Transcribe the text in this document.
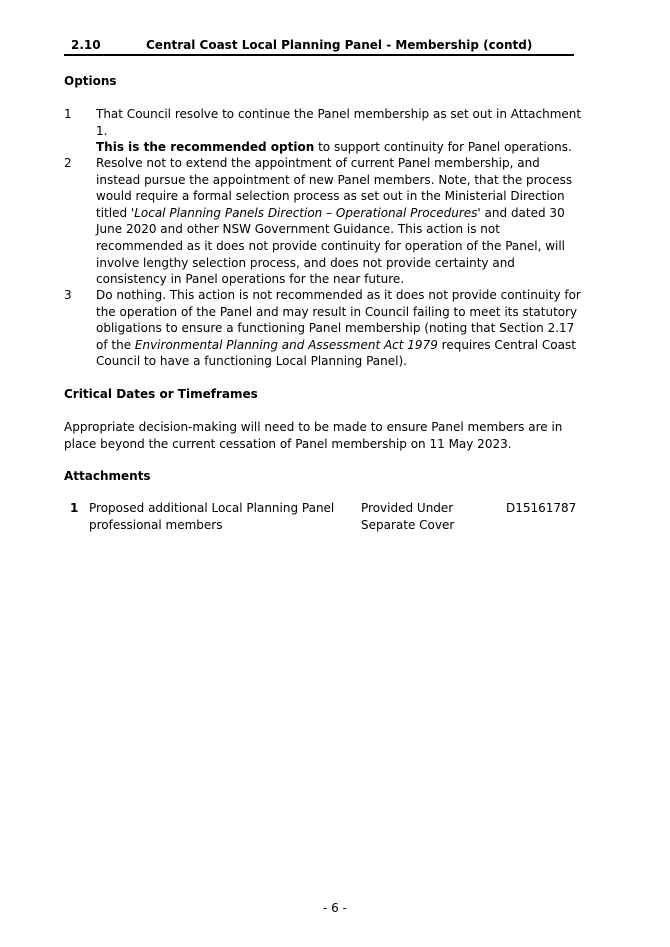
2.10	Central Coast Local Planning Panel - Membership (contd)
Options
1 That Council resolve to continue the Panel membership as set out in Attachment 1.
This is the recommended option to support continuity for Panel operations.
2 Resolve not to extend the appointment of current Panel membership, and instead pursue the appointment of new Panel members. Note, that the process would require a formal selection process as set out in the Ministerial Direction titled 'Local Planning Panels Direction – Operational Procedures' and dated 30 June 2020 and other NSW Government Guidance. This action is not recommended as it does not provide continuity for operation of the Panel, will involve lengthy selection process, and does not provide certainty and consistency in Panel operations for the near future.
3 Do nothing. This action is not recommended as it does not provide continuity for the operation of the Panel and may result in Council failing to meet its statutory obligations to ensure a functioning Panel membership (noting that Section 2.17 of the Environmental Planning and Assessment Act 1979 requires Central Coast Council to have a functioning Local Planning Panel).
Critical Dates or Timeframes
Appropriate decision-making will need to be made to ensure Panel members are in place beyond the current cessation of Panel membership on 11 May 2023.
Attachments
1 Proposed additional Local Planning Panel professional members
Provided Under Separate Cover
D15161787
- 6 -
